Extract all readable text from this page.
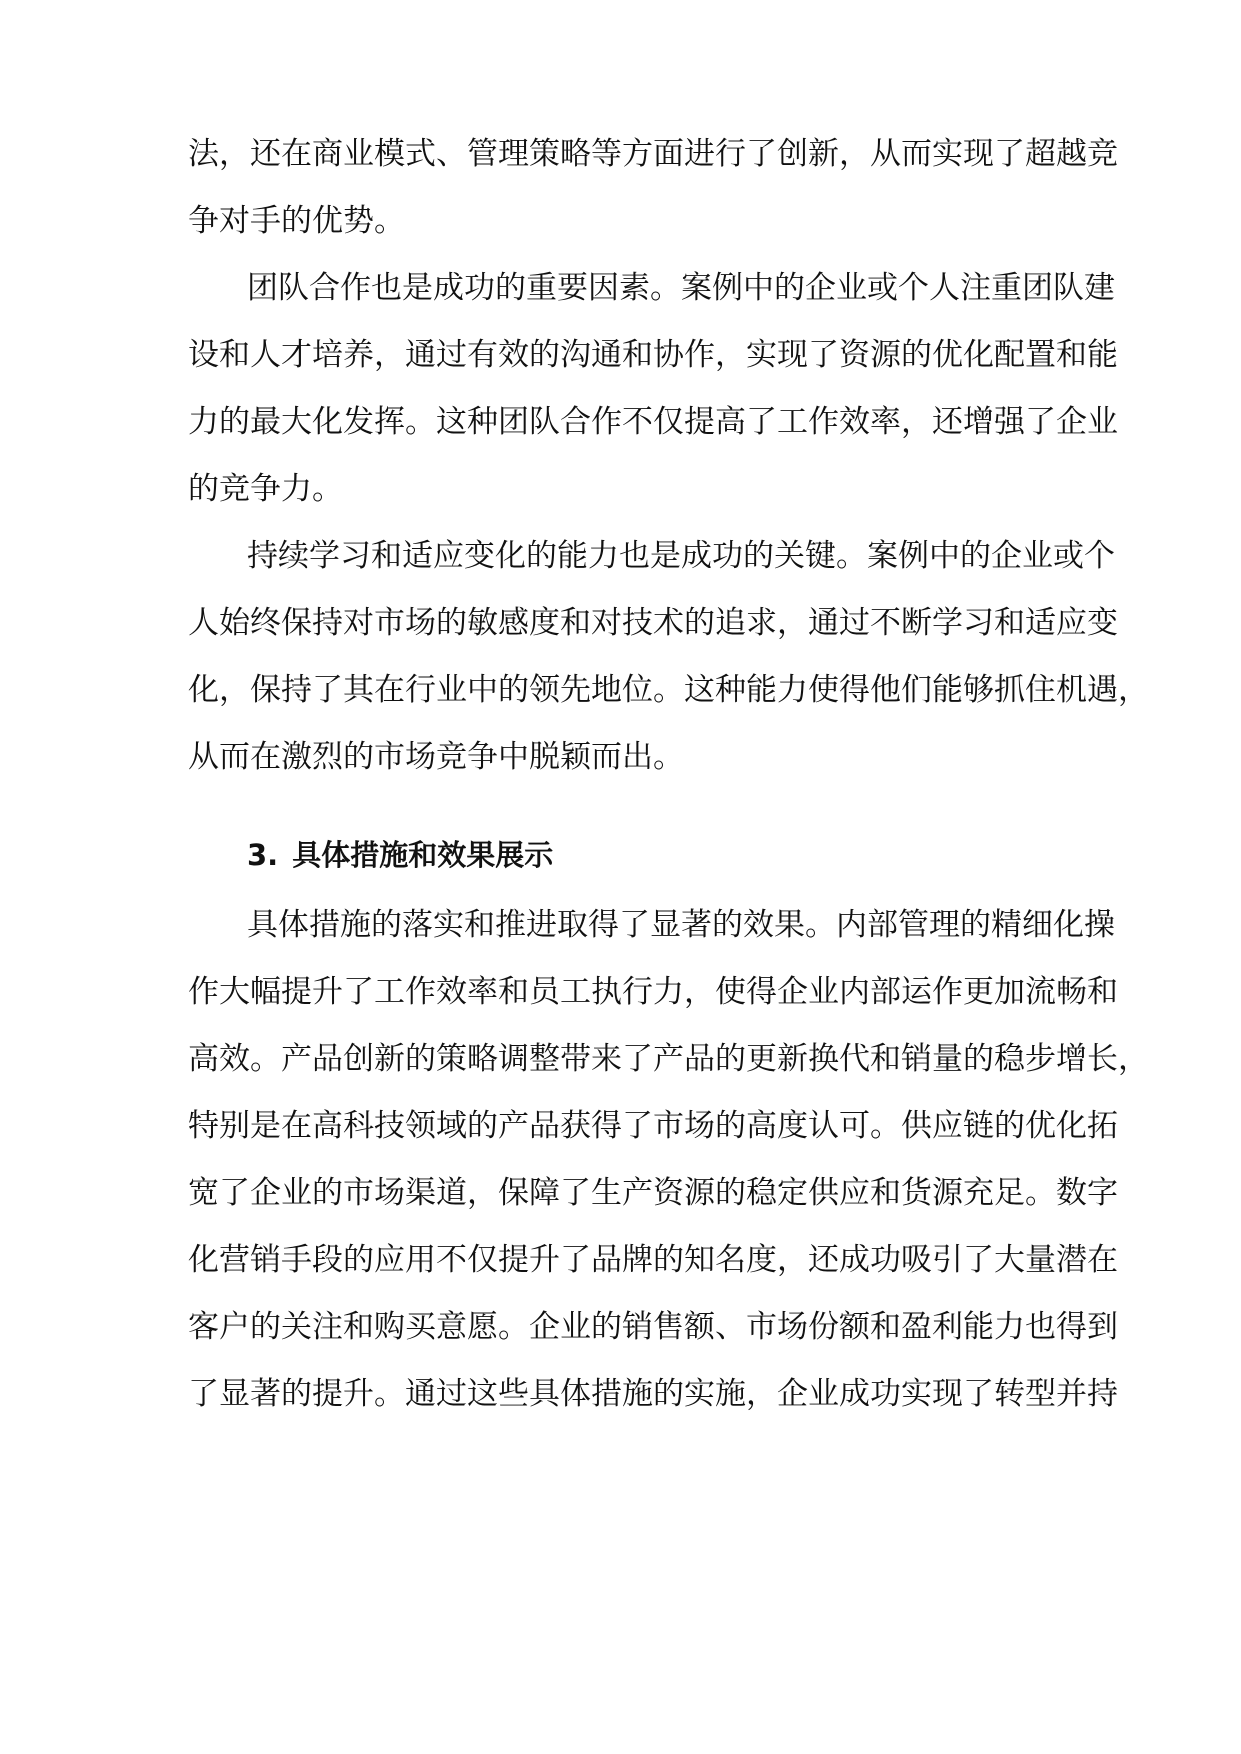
法，还在商业模式、管理策略等方面进行了创新，从而实现了超越竞
争对手的优势。
团队合作也是成功的重要因素。案例中的企业或个人注重团队建
设和人才培养，通过有效的沟通和协作，实现了资源的优化配置和能
力的最大化发挥。这种团队合作不仅提高了工作效率，还增强了企业
的竞争力。
持续学习和适应变化的能力也是成功的关键。案例中的企业或个
人始终保持对市场的敏感度和对技术的追求，通过不断学习和适应变
化，保持了其在行业中的领先地位。这种能力使得他们能够抓住机遇，
从而在激烈的市场竞争中脱颖而出。
3. 具体措施和效果展示
具体措施的落实和推进取得了显著的效果。内部管理的精细化操
作大幅提升了工作效率和员工执行力，使得企业内部运作更加流畅和
高效。产品创新的策略调整带来了产品的更新换代和销量的稳步增长，
特别是在高科技领域的产品获得了市场的高度认可。供应链的优化拓
宽了企业的市场渠道，保障了生产资源的稳定供应和货源充足。数字
化营销手段的应用不仅提升了品牌的知名度，还成功吸引了大量潜在
客户的关注和购买意愿。企业的销售额、市场份额和盈利能力也得到
了显著的提升。通过这些具体措施的实施，企业成功实现了转型并持
